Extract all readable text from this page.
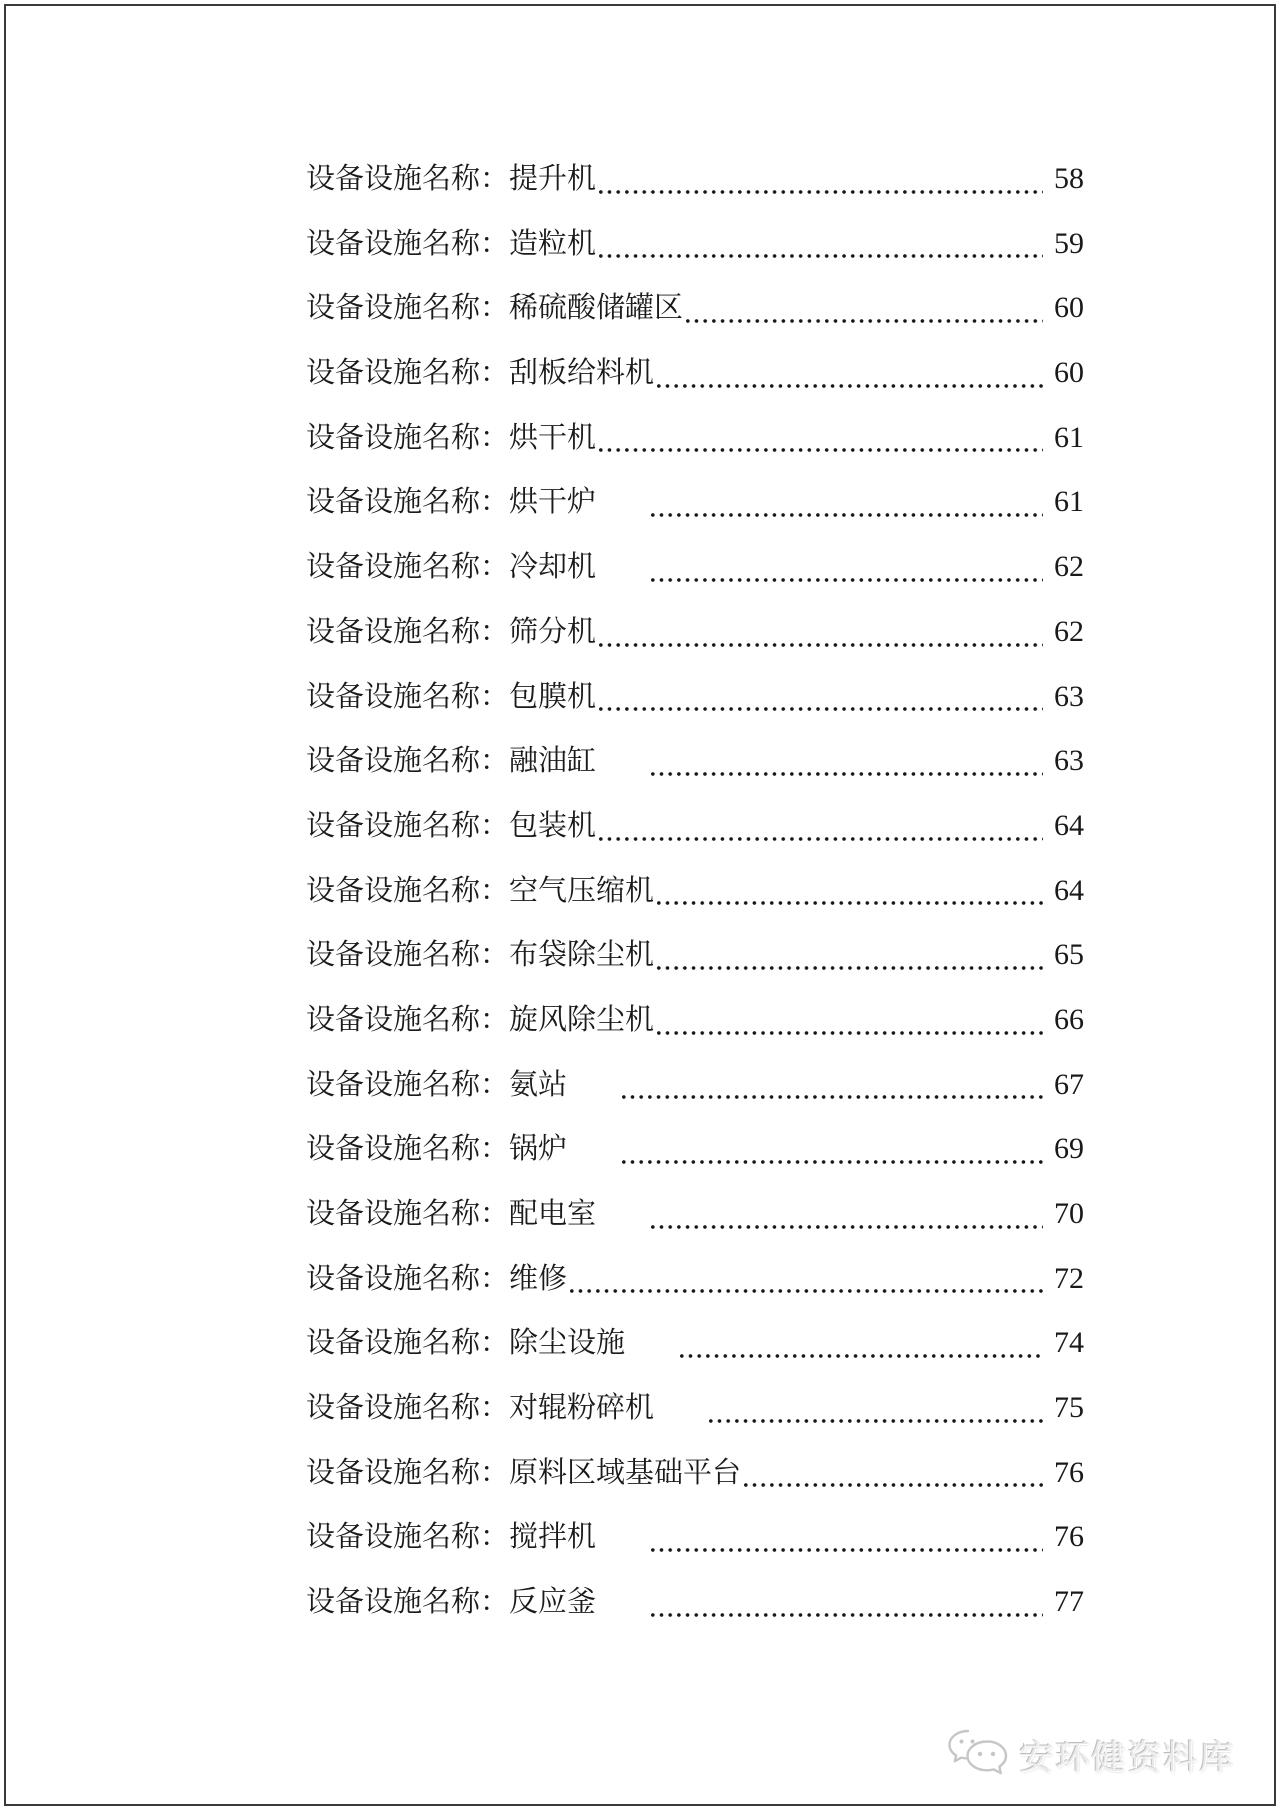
设备设施名称： 提升机	58
设备设施名称： 造粒机	59
设备设施名称： 稀硫酸储罐区	60
设备设施名称： 刮板给料机	60
设备设施名称： 烘干机	61
设备设施名称： 烘干炉	61
设备设施名称： 冷却机	62
设备设施名称： 筛分机	62
设备设施名称： 包膜机	63
设备设施名称： 融油缸	63
设备设施名称： 包装机	64
设备设施名称： 空气压缩机	64
设备设施名称： 布袋除尘机	65
设备设施名称： 旋风除尘机	66
设备设施名称： 氨站	67
设备设施名称： 锅炉	69
设备设施名称： 配电室	70
设备设施名称： 维修	72
设备设施名称： 除尘设施	74
设备设施名称： 对辊粉碎机	75
设备设施名称： 原料区域基础平台	76
设备设施名称： 搅拌机	76
设备设施名称： 反应釜	77
安环健资料库
